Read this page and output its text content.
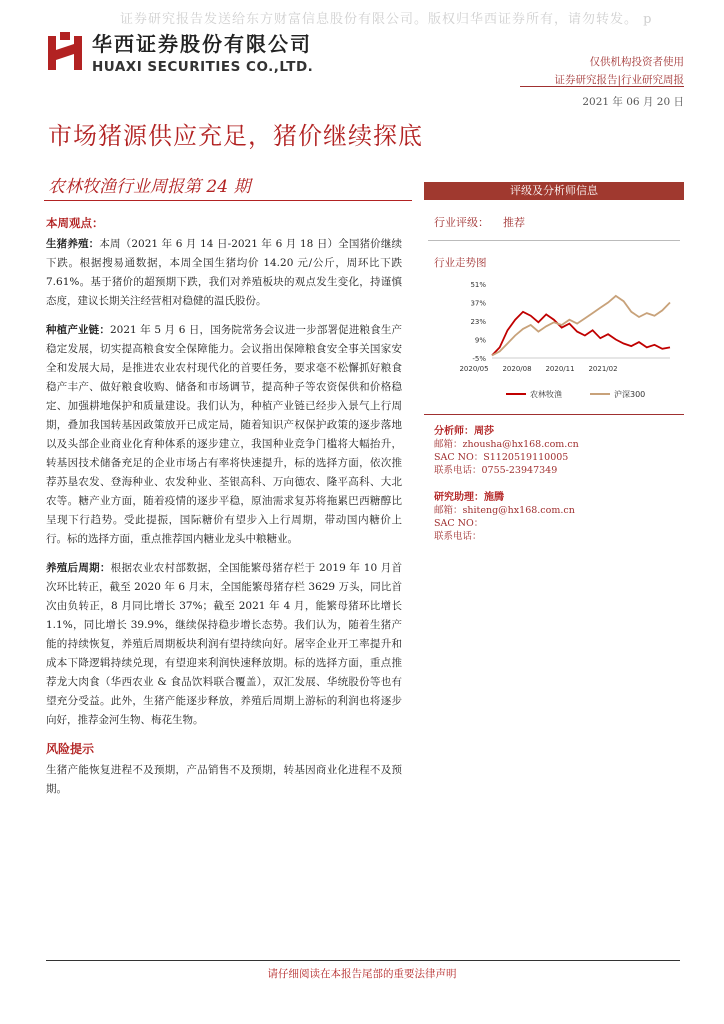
证券研究报告发送给东方财富信息股份有限公司。版权归华西证券所有，请勿转发。 p
华西证券股份有限公司
HUAXI SECURITIES CO.,LTD.	仅供机构投资者使用
证券研究报告|行业研究周报
2021 年 06 月 20 日
市场猪源供应充足，猪价继续探底
农林牧渔行业周报第 24 期
本周观点：

生猪养殖：本周（2021 年 6 月 14 日-2021 年 6 月 18 日）全国猪价继续下跌。根据搜易通数据，本周全国生猪均价 14.20 元/公斤，周环比下跌 7.61%。基于猪价的超预期下跌，我们对养殖板块的观点发生变化，持谨慎态度，建议长期关注经营相对稳健的温氏股份。

种植产业链：2021 年 5 月 6 日，国务院常务会议进一步部署促进粮食生产稳定发展，切实提高粮食安全保障能力。会议指出保障粮食安全事关国家安全和发展大局，是推进农业农村现代化的首要任务，要求毫不松懈抓好粮食稳产丰产、做好粮食收购、储备和市场调节，提高种子等农资保供和价格稳定、加强耕地保护和质量建设。我们认为，种植产业链已经步入景气上行周期，叠加我国转基因政策放开已成定局，随着知识产权保护政策的逐步落地以及头部企业商业化育种体系的逐步建立，我国种业竞争门槛将大幅抬升，转基因技术储备充足的企业市场占有率将快速提升，标的选择方面，依次推荐苏垦农发、登海种业、农发种业、荃银高科、万向德农、隆平高科、大北农等。糖产业方面，随着疫情的逐步平稳，原油需求复苏将拖累巴西糖醇比呈现下行趋势。受此提振，国际糖价有望步入上行周期，带动国内糖价上行。标的选择方面，重点推荐国内糖业龙头中粮糖业。

养殖后周期：根据农业农村部数据，全国能繁母猪存栏于 2019 年 10 月首次环比转正，截至 2020 年 6 月末，全国能繁母猪存栏 3629 万头，同比首次由负转正，8 月同比增长 37%；截至 2021 年 4 月，能繁母猪环比增长 1.1%，同比增长 39.9%，继续保持稳步增长态势。我们认为，随着生猪产能的持续恢复，养殖后周期板块利润有望持续向好。屠宰企业开工率提升和成本下降逻辑持续兑现，有望迎来利润快速释放期。标的选择方面，重点推荐龙大肉食（华西农业 & 食品饮料联合覆盖），双汇发展、华统股份等也有望充分受益。此外，生猪产能逐步释放，养殖后周期上游标的利润也将逐步向好，推荐金河生物、梅花生物。

风险提示

生猪产能恢复进程不及预期，产品销售不及预期，转基因商业化进程不及预期。

评级及分析师信息
行业评级： 推荐
行业走势图
51%
37%
23%
9%
-5%
2020/05 2020/08 2020/11 2021/02
农林牧渔	沪深300
分析师：周莎
邮箱：zhousha@hx168.com.cn
SAC NO：S1120519110005
联系电话：0755-23947349
研究助理：施腾
邮箱：shiteng@hx168.com.cn
SAC NO：
联系电话：
请仔细阅读在本报告尾部的重要法律声明
